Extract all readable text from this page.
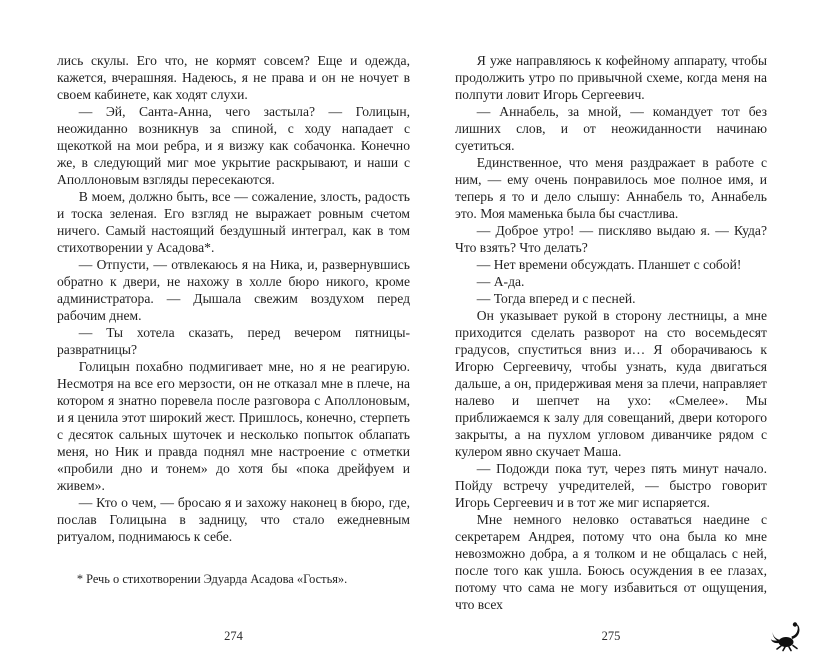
лись скулы. Его что, не кормят совсем? Еще и одежда, кажется, вчерашняя. Надеюсь, я не права и он не ночует в своем кабинете, как ходят слухи.

— Эй, Санта-Анна, чего застыла? — Голицын, неожиданно возникнув за спиной, с ходу нападает с щекоткой на мои ребра, и я визжу как собачонка. Конечно же, в следующий миг мое укрытие раскрывают, и наши с Аполлоновым взгляды пересекаются.

В моем, должно быть, все — сожаление, злость, радость и тоска зеленая. Его взгляд не выражает ровным счетом ничего. Самый настоящий бездушный интеграл, как в том стихотворении у Асадова*.

— Отпусти, — отвлекаюсь я на Ника, и, развернувшись обратно к двери, не нахожу в холле бюро никого, кроме администратора. — Дышала свежим воздухом перед рабочим днем.

— Ты хотела сказать, перед вечером пятницы-развратницы?

Голицын похабно подмигивает мне, но я не реагирую. Несмотря на все его мерзости, он не отказал мне в плече, на котором я знатно поревела после разговора с Аполлоновым, и я ценила этот широкий жест. Пришлось, конечно, стерпеть с десяток сальных шуточек и несколько попыток облапать меня, но Ник и правда поднял мне настроение с отметки «пробили дно и тонем» до хотя бы «пока дрейфуем и живем».

— Кто о чем, — бросаю я и захожу наконец в бюро, где, послав Голицына в задницу, что стало ежедневным ритуалом, поднимаюсь к себе.

* Речь о стихотворении Эдуарда Асадова «Гостья».

Я уже направляюсь к кофейному аппарату, чтобы продолжить утро по привычной схеме, когда меня на полпути ловит Игорь Сергеевич.

— Аннабель, за мной, — командует тот без лишних слов, и от неожиданности начинаю суетиться.

Единственное, что меня раздражает в работе с ним, — ему очень понравилось мое полное имя, и теперь я то и дело слышу: Аннабель то, Аннабель это. Моя маменька была бы счастлива.

— Доброе утро! — пискляво выдаю я. — Куда? Что взять? Что делать?

— Нет времени обсуждать. Планшет с собой!

— А-да.

— Тогда вперед и с песней.

Он указывает рукой в сторону лестницы, а мне приходится сделать разворот на сто восемьдесят градусов, спуститься вниз и… Я оборачиваюсь к Игорю Сергеевичу, чтобы узнать, куда двигаться дальше, а он, придерживая меня за плечи, направляет налево и шепчет на ухо: «Смелее». Мы приближаемся к залу для совещаний, двери которого закрыты, а на пухлом угловом диванчике рядом с кулером явно скучает Маша.

— Подожди пока тут, через пять минут начало. Пойду встречу учредителей, — быстро говорит Игорь Сергеевич и в тот же миг испаряется.

Мне немного неловко оставаться наедине с секретарем Андрея, потому что она была ко мне невозможно добра, а я толком и не общалась с ней, после того как ушла. Боюсь осуждения в ее глазах, потому что сама не могу избавиться от ощущения, что всех

274	275
